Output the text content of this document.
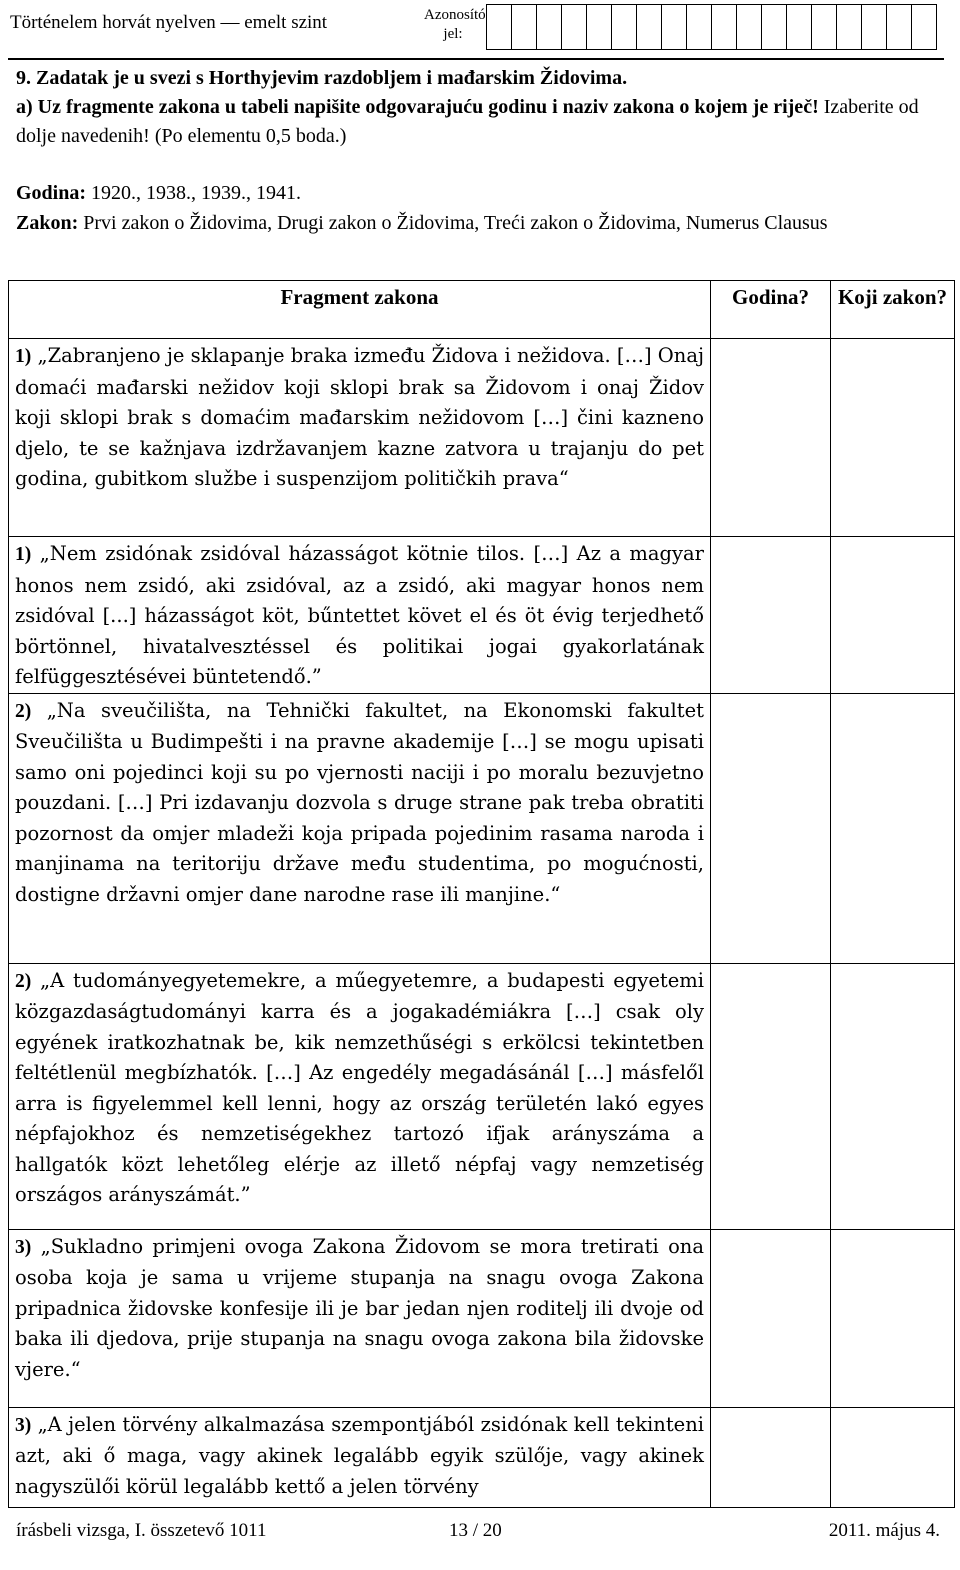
Történelem horvát nyelven — emelt szint	Azonosító jel:
9. Zadatak je u svezi s Horthyjevim razdobljem i mađarskim Židovima.
a) Uz fragmente zakona u tabeli napišite odgovarajuću godinu i naziv zakona o kojem je riječ! Izaberite od dolje navedenih! (Po elementu 0,5 boda.)
Godina: 1920., 1938., 1939., 1941.
Zakon: Prvi zakon o Židovima, Drugi zakon o Židovima, Treći zakon o Židovima, Numerus Clausus
Fragment zakona	Godina?	Koji zakon?

1) „Zabranjeno je sklapanje braka između Židova i nežidova. […] Onaj domaći mađarski nežidov koji sklopi brak sa Židovom i onaj Židov koji sklopi brak s domaćim mađarskim nežidovom […] čini kazneno djelo, te se kažnjava izdržavanjem kazne zatvora u trajanju do pet godina, gubitkom službe i suspenzijom političkih prava“		

1) „Nem zsidónak zsidóval házasságot kötnie tilos. […] Az a magyar honos nem zsidó, aki zsidóval, az a zsidó, aki magyar honos nem zsidóval [...] házasságot köt, bűntettet követ el és öt évig terjedhető börtönnel, hivatalvesztéssel és politikai jogai gyakorlatának felfüggesztésévei büntetendő.”		

2) „Na sveučilišta, na Tehnički fakultet, na Ekonomski fakultet Sveučilišta u Budimpešti i na pravne akademije […] se mogu upisati samo oni pojedinci koji su po vjernosti naciji i po moralu bezuvjetno pouzdani. […] Pri izdavanju dozvola s druge strane pak treba obratiti pozornost da omjer mladeži koja pripada pojedinim rasama naroda i manjinama na teritoriju države među studentima, po mogućnosti, dostigne državni omjer dane narodne rase ili manjine.“		

2) „A tudományegyetemekre, a műegyetemre, a budapesti egyetemi közgazdaságtudományi karra és a jogakadémiákra […] csak oly egyének iratkozhatnak be, kik nemzethűségi s erkölcsi tekintetben feltétlenül megbízhatók. […] Az engedély megadásánál […] másfelől arra is figyelemmel kell lenni, hogy az ország területén lakó egyes népfajokhoz és nemzetiségekhez tartozó ifjak arányszáma a hallgatók közt lehetőleg elérje az illető népfaj vagy nemzetiség országos arányszámát.”		

3) „Sukladno primjeni ovoga Zakona Židovom se mora tretirati ona osoba koja je sama u vrijeme stupanja na snagu ovoga Zakona pripadnica židovske konfesije ili je bar jedan njen roditelj ili dvoje od baka ili djedova, prije stupanja na snagu ovoga zakona bila židovske vjere.“		

3) „A jelen törvény alkalmazása szempontjából zsidónak kell tekinteni azt, aki ő maga, vagy akinek legalább egyik szülője, vagy akinek nagyszülői körül legalább kettő a jelen törvény		

írásbeli vizsga, I. összetevő 1011	13 / 20	2011. május 4.
